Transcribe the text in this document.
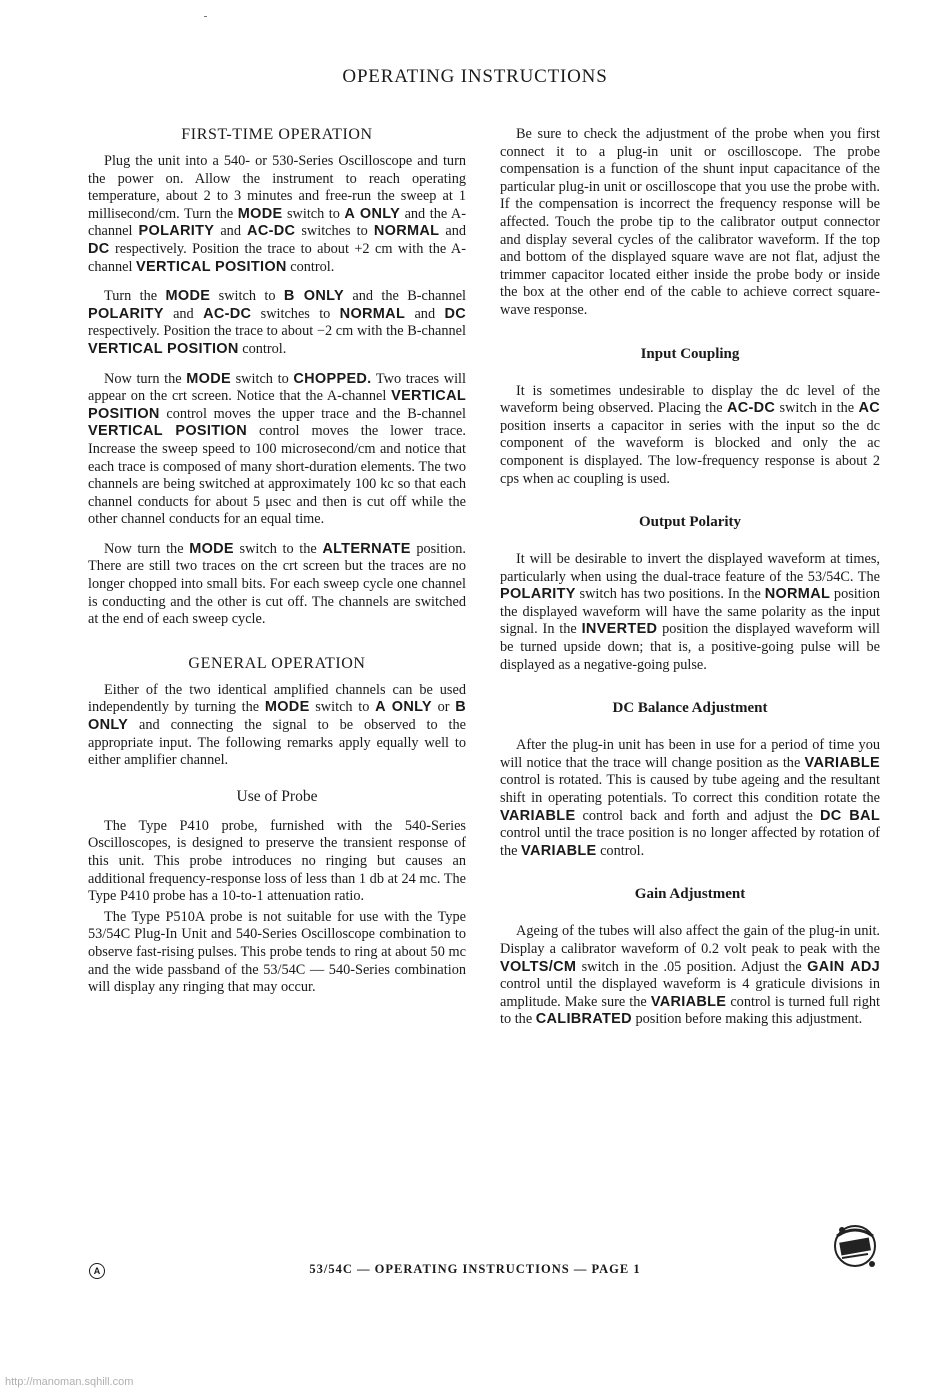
OPERATING INSTRUCTIONS
FIRST-TIME OPERATION

Plug the unit into a 540- or 530-Series Oscilloscope and turn the power on. Allow the instrument to reach operating temperature, about 2 to 3 minutes and free-run the sweep at 1 millisecond/cm. Turn the MODE switch to A ONLY and the A-channel POLARITY and AC-DC switches to NORMAL and DC respectively. Position the trace to about +2 cm with the A-channel VERTICAL POSITION control.

Turn the MODE switch to B ONLY and the B-channel POLARITY and AC-DC switches to NORMAL and DC respectively. Position the trace to about −2 cm with the B-channel VERTICAL POSITION control.

Now turn the MODE switch to CHOPPED. Two traces will appear on the crt screen. Notice that the A-channel VERTICAL POSITION control moves the upper trace and the B-channel VERTICAL POSITION control moves the lower trace. Increase the sweep speed to 100 microsecond/cm and notice that each trace is composed of many short-duration elements. The two channels are being switched at approximately 100 kc so that each channel conducts for about 5 μsec and then is cut off while the other channel conducts for an equal time.

Now turn the MODE switch to the ALTERNATE position. There are still two traces on the crt screen but the traces are no longer chopped into small bits. For each sweep cycle one channel is conducting and the other is cut off. The channels are switched at the end of each sweep cycle.

GENERAL OPERATION

Either of the two identical amplified channels can be used independently by turning the MODE switch to A ONLY or B ONLY and connecting the signal to be observed to the appropriate input. The following remarks apply equally well to either amplifier channel.

Use of Probe

The Type P410 probe, furnished with the 540-Series Oscilloscopes, is designed to preserve the transient response of this unit. This probe introduces no ringing but causes an additional frequency-response loss of less than 1 db at 24 mc. The Type P410 probe has a 10-to-1 attenuation ratio.

The Type P510A probe is not suitable for use with the Type 53/54C Plug-In Unit and 540-Series Oscilloscope combination to observe fast-rising pulses. This probe tends to ring at about 50 mc and the wide passband of the 53/54C — 540-Series combination will display any ringing that may occur.

Be sure to check the adjustment of the probe when you first connect it to a plug-in unit or oscilloscope. The probe compensation is a function of the shunt input capacitance of the particular plug-in unit or oscilloscope that you use the probe with. If the compensation is incorrect the frequency response will be affected. Touch the probe tip to the calibrator output connector and display several cycles of the calibrator waveform. If the top and bottom of the displayed square wave are not flat, adjust the trimmer capacitor located either inside the probe body or inside the box at the other end of the cable to achieve correct square-wave response.

Input Coupling

It is sometimes undesirable to display the dc level of the waveform being observed. Placing the AC-DC switch in the AC position inserts a capacitor in series with the input so the dc component of the waveform is blocked and only the ac component is displayed. The low-frequency response is about 2 cps when ac coupling is used.

Output Polarity

It will be desirable to invert the displayed waveform at times, particularly when using the dual-trace feature of the 53/54C. The POLARITY switch has two positions. In the NORMAL position the displayed waveform will have the same polarity as the input signal. In the INVERTED position the displayed waveform will be turned upside down; that is, a positive-going pulse will be displayed as a negative-going pulse.

DC Balance Adjustment

After the plug-in unit has been in use for a period of time you will notice that the trace will change position as the VARIABLE control is rotated. This is caused by tube ageing and the resultant shift in operating potentials. To correct this condition rotate the VARIABLE control back and forth and adjust the DC BAL control until the trace position is no longer affected by rotation of the VARIABLE control.

Gain Adjustment

Ageing of the tubes will also affect the gain of the plug-in unit. Display a calibrator waveform of 0.2 volt peak to peak with the VOLTS/CM switch in the .05 position. Adjust the GAIN ADJ control until the displayed waveform is 4 graticule divisions in amplitude. Make sure the VARIABLE control is turned full right to the CALIBRATED position before making this adjustment.

A	53/54C — OPERATING INSTRUCTIONS — PAGE 1
http://manoman.sqhill.com
